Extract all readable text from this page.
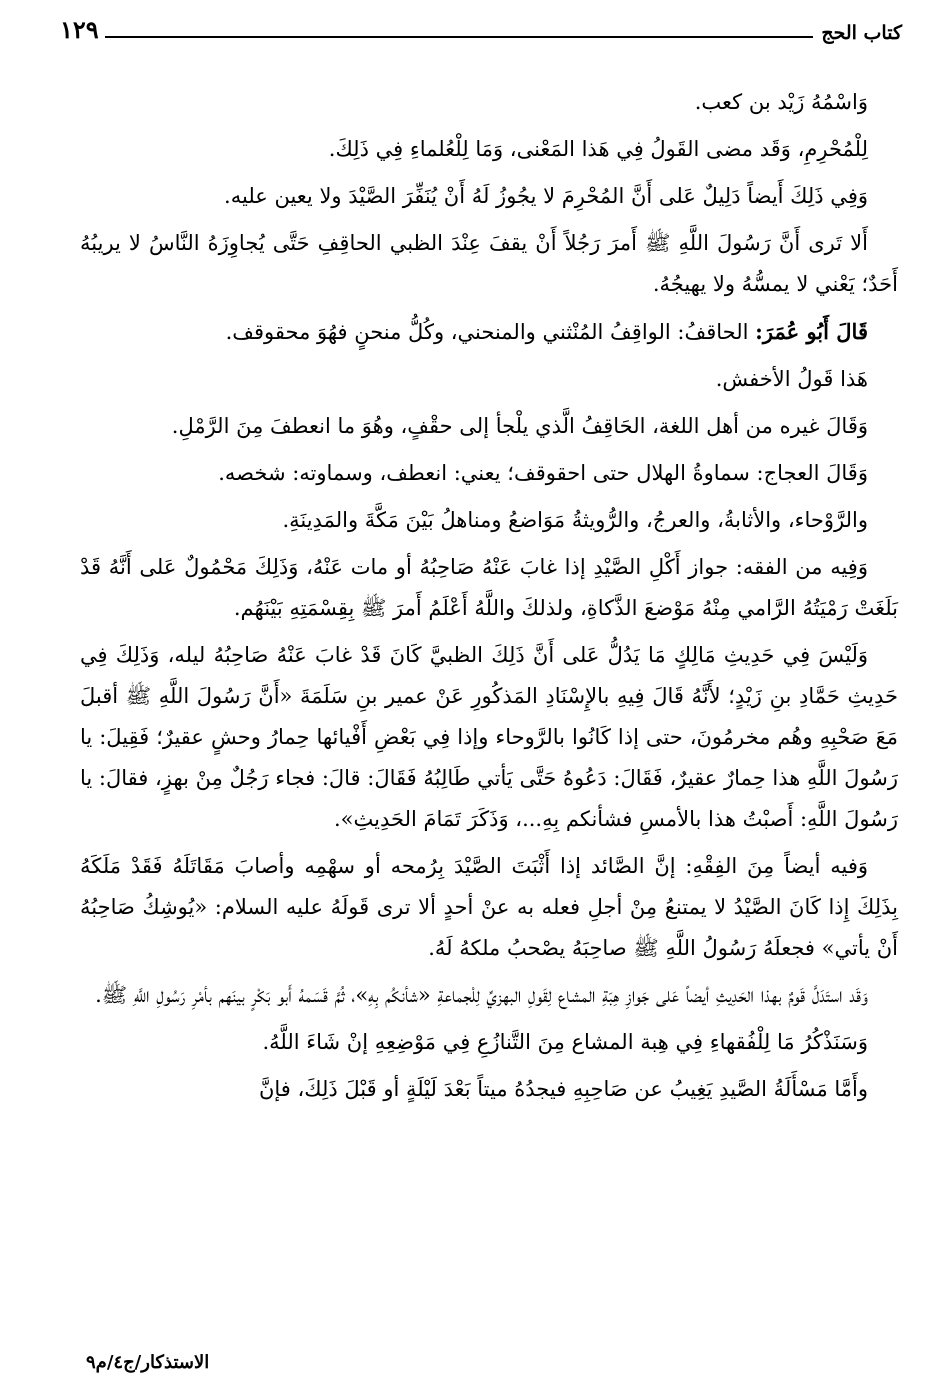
كتاب الحج
١٢٩

وَاسْمُهُ زَيْد بن كعب.

لِلْمُحْرِمِ، وَقَد مضى القَولُ فِي هَذا المَعْنى، وَمَا لِلْعُلماءِ فِي ذَلِكَ.

وَفِي ذَلِكَ أَيضاً دَلِيلٌ عَلى أَنَّ المُحْرِمَ لا يجُوزُ لَهُ أَنْ يُنَفِّرَ الصَّيْدَ ولا يعين عليه.

أَلا تَرى أَنَّ رَسُولَ اللَّهِ ﷺ أَمرَ رَجُلاً أَنْ يقفَ عِنْدَ الظبي الحاقِفِ حَتَّى يُجاوِزَهُ النَّاسُ لا يريبُهُ أَحَدٌ؛ يَعْني لا يمسُّهُ ولا يهيجُهُ.

قَالَ أَبُو عُمَرَ: الحاقفُ: الواقِفُ المُنْثني والمنحني، وكُلُّ منحنٍ فهُوَ محقوقف.

هَذا قَولُ الأخفش.

وَقَالَ غيره من أهل اللغة، الحَاقِفُ الَّذي يلْجأ إلى حقْفٍ، وهُوَ ما انعطفَ مِنَ الرَّمْلِ.

وَقَالَ العجاج: سماوةُ الهلال حتى احقوقف؛ يعني: انعطف، وسماوته: شخصه.

والرَّوْحاء، والأثابةُ، والعرجُ، والرُّويثةُ مَوَاضعُ ومناهلُ بَيْنَ مَكَّةَ والمَدِينَةِ.

وَفِيه من الفقه: جواز أَكْلِ الصَّيْدِ إذا غابَ عَنْهُ صَاحِبُهُ أو مات عَنْهُ، وَذَلِكَ مَحْمُولٌ عَلى أَنَّهُ قَدْ بَلَغَتْ رَمْيَتُهُ الرَّامي مِنْهُ مَوْضعَ الذَّكاةِ، ولذلكَ واللَّهُ أَعْلَمُ أَمرَ ﷺ بِقِسْمَتِهِ بَيْنَهُم.

وَلَيْسَ فِي حَدِيثِ مَالِكٍ مَا يَدُلُّ عَلى أَنَّ ذَلِكَ الظبيَّ كَانَ قَدْ غابَ عَنْهُ صَاحِبُهُ ليله، وَذَلِكَ فِي حَدِيثِ حَمَّادِ بنِ زَيْدٍ؛ لأَنَّهُ قَالَ فِيهِ بالإِسْنَادِ المَذكُورِ عَنْ عمير بنِ سَلَمَةَ «أَنَّ رَسُولَ اللَّهِ ﷺ أقبلَ مَعَ صَحْبِهِ وهُم مخرمُونَ، حتى إذا كَانُوا بالرَّوحاء وإذا فِي بَعْضِ أَفْيائها حِمارُ وحشٍ عقيرٌ؛ فَقِيلَ: يا رَسُولَ اللَّهِ هذا حِمارٌ عقيرٌ، فَقَالَ: دَعُوهُ حَتَّى يَأتي طَالِبُهُ فَقَالَ: قالَ: فجاء رَجُلٌ مِنْ بهزٍ، فقالَ: يا رَسُولَ اللَّهِ: أَصبْتُ هذا بالأمسِ فشأنكم بِهِ...، وَذَكَرَ تَمَامَ الحَدِيثِ».

وَفيه أيضاً مِنَ الفِقْهِ: إنَّ الصَّائد إذا أَثْبَتَ الصَّيْدَ بِرُمحه أو سهْمِه وأصابَ مَقَاتَلَهُ فَقَدْ مَلَكَهُ بِذَلِكَ إِذا كَانَ الصَّيْدُ لا يمتنعُ مِنْ أجلِ فعله به عنْ أحدٍ ألا ترى قَولَهُ عليه السلام: «يُوشِكُ صَاحِبُهُ أَنْ يأتي» فجعلَهُ رَسُولُ اللَّهِ ﷺ صاحِبَهُ يصْحبُ ملكهُ لَهُ.

وَقَد استَدَلَّ قَومٌ بهذا الحَدِيثِ أيضاً عَلى جَوازِ هِبَةِ المشاع لِقَولِ البهزيِّ لِلْجماعةِ «شأنكُم بِهِ»، ثُمَّ قَسَمهُ أَبو بَكْرٍ بينَهم بأمْرِ رَسُولِ اللَّهِ ﷺ.

وَسَنَذْكُرُ مَا لِلْفُقهاءِ فِي هِبة المشاع مِنَ التَّنازُعِ فِي مَوْضِعِهِ إنْ شَاءَ اللَّهُ.

وأَمَّا مَسْأَلَةُ الصَّيدِ يَغِيبُ عن صَاحِبِهِ فيجدُهُ ميتاً بَعْدَ لَيْلَةٍ أو قَبْلَ ذَلِكَ، فإنَّ

الاستذكار/ج٤/م٩
